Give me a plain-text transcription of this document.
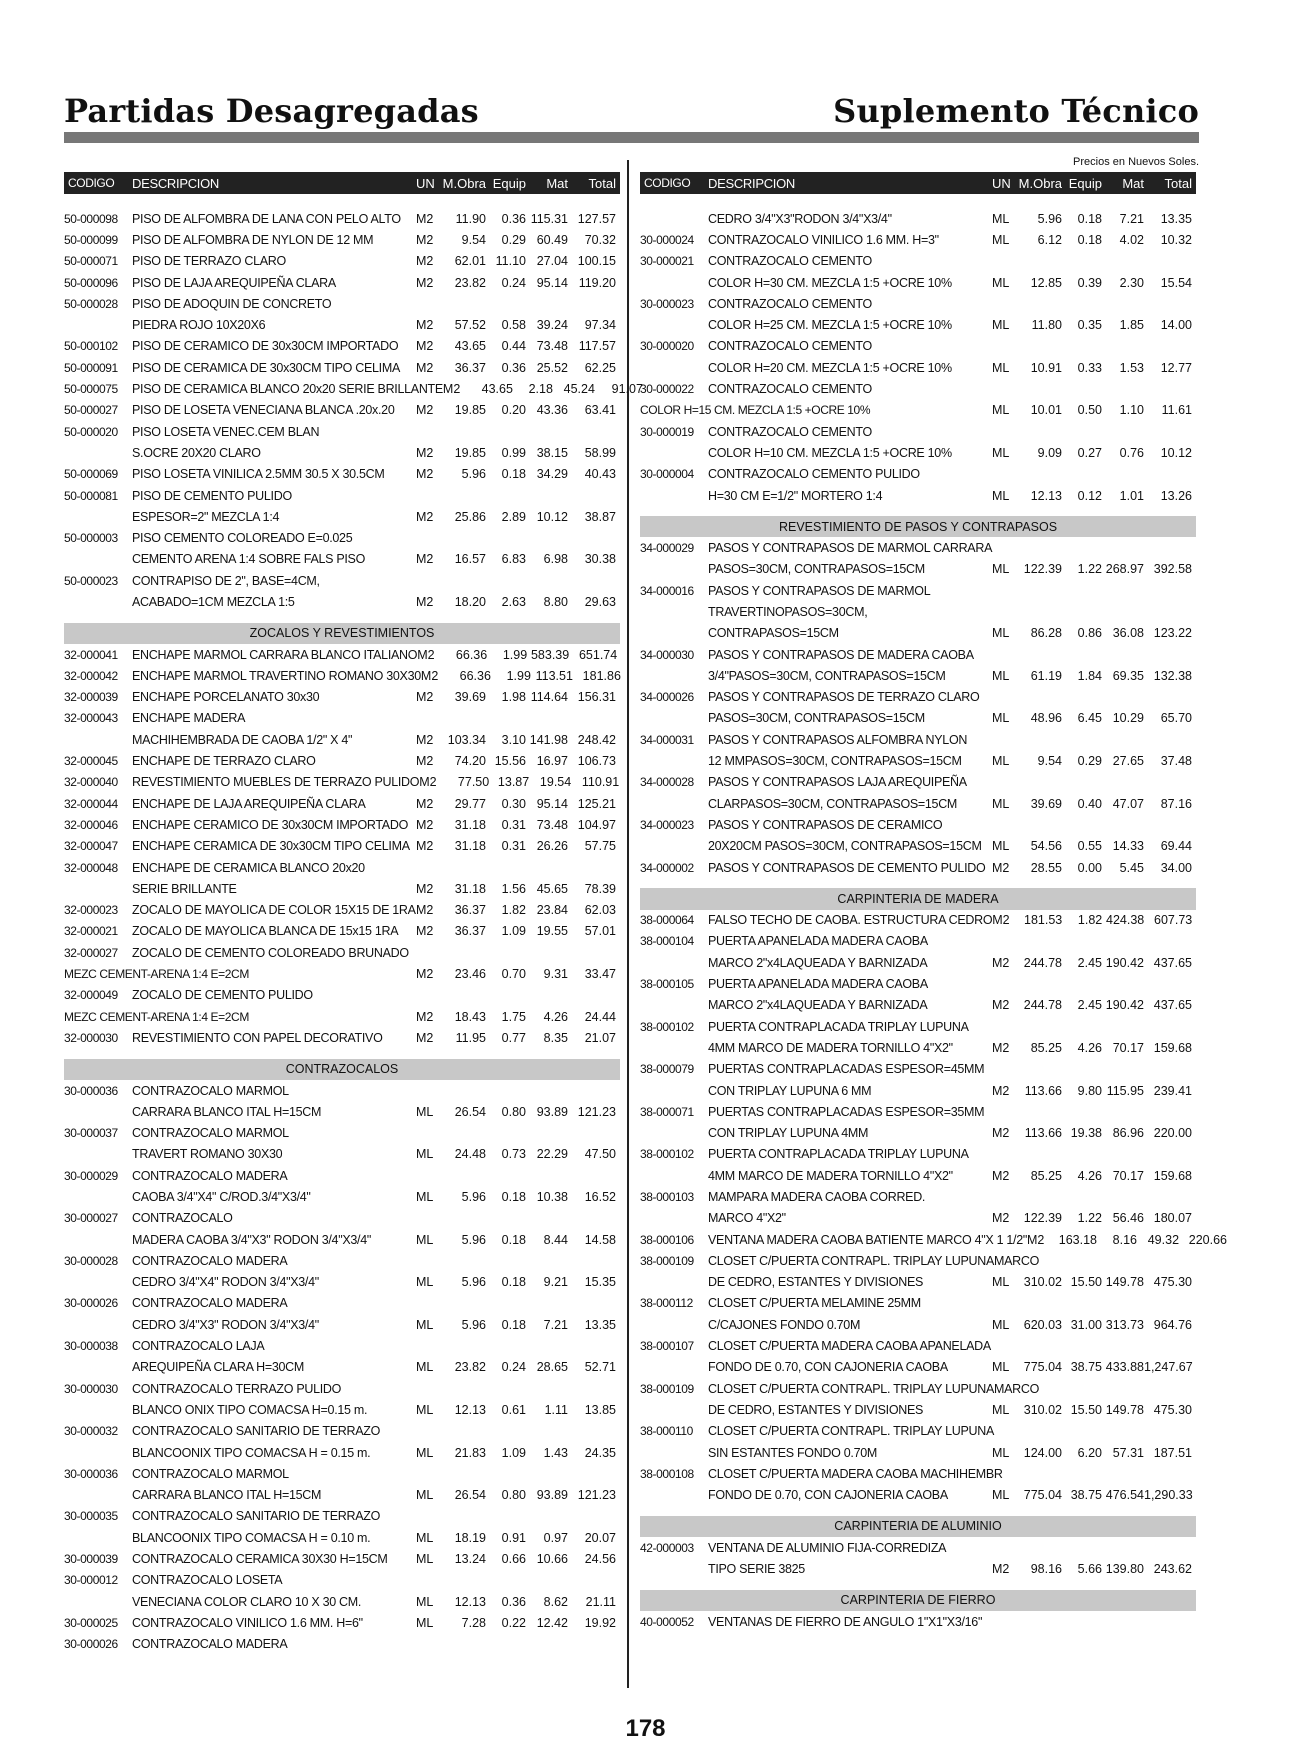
Partidas Desagregadas	Suplemento Técnico
Precios en Nuevos Soles.
CODIGO	DESCRIPCION	UN M.Obra Equip	Mat	Total
50-000098	PISO DE ALFOMBRA DE LANA CON PELO ALTO	M2	11.90	0.36 115.31 127.57
50-000099	PISO DE ALFOMBRA DE NYLON DE 12 MM	M2	9.54	0.29 60.49	70.32
50-000071	PISO DE TERRAZO CLARO	M2	62.01 11.10 27.04 100.15
50-000096	PISO DE LAJA AREQUIPEÑA CLARA	M2	23.82	0.24 95.14 119.20
50-000028	PISO DE ADOQUIN DE CONCRETO
PIEDRA ROJO 10X20X6	M2	57.52	0.58 39.24	97.34
50-000102	PISO DE CERAMICO DE 30x30CM IMPORTADO	M2	43.65	0.44 73.48 117.57
50-000091	PISO DE CERAMICA DE 30x30CM TIPO CELIMA	M2	36.37	0.36 25.52	62.25
50-000075	PISO DE CERAMICA BLANCO 20x20 SERIE BRILLANTE M2	43.65	2.18 45.24	91.07
50-000027	PISO DE LOSETA VENECIANA BLANCA .20x.20	M2	19.85	0.20 43.36	63.41
50-000020	PISO LOSETA VENEC.CEM BLAN
S.OCRE 20X20 CLARO	M2	19.85	0.99 38.15	58.99
50-000069	PISO LOSETA VINILICA 2.5MM 30.5 X 30.5CM	M2	5.96	0.18 34.29	40.43
50-000081	PISO DE CEMENTO PULIDO
ESPESOR=2" MEZCLA 1:4	M2	25.86	2.89 10.12	38.87
50-000003	PISO CEMENTO COLOREADO E=0.025
CEMENTO ARENA 1:4 SOBRE FALS PISO	M2	16.57	6.83	6.98	30.38
50-000023	CONTRAPISO DE 2", BASE=4CM,
ACABADO=1CM MEZCLA 1:5	M2	18.20	2.63	8.80	29.63
ZOCALOS Y REVESTIMIENTOS
32-000041	ENCHAPE MARMOL CARRARA BLANCO ITALIANO M2	66.36	1.99 583.39 651.74
32-000042	ENCHAPE MARMOL TRAVERTINO ROMANO 30X30 M2	66.36	1.99 113.51 181.86
32-000039	ENCHAPE PORCELANATO 30x30	M2	39.69	1.98 114.64 156.31
32-000043	ENCHAPE MADERA
MACHIHEMBRADA DE CAOBA 1/2" X 4"	M2	103.34	3.10 141.98 248.42
32-000045	ENCHAPE DE TERRAZO CLARO	M2	74.20 15.56 16.97 106.73
32-000040	REVESTIMIENTO MUEBLES DE TERRAZO PULIDO M2	77.50 13.87 19.54 110.91
32-000044	ENCHAPE DE LAJA AREQUIPEÑA CLARA	M2	29.77	0.30 95.14 125.21
32-000046	ENCHAPE CERAMICO DE 30x30CM IMPORTADO M2	31.18	0.31 73.48 104.97
32-000047	ENCHAPE CERAMICA DE 30x30CM TIPO CELIMA M2	31.18	0.31 26.26	57.75
32-000048	ENCHAPE DE CERAMICA BLANCO 20x20
SERIE BRILLANTE	M2	31.18	1.56 45.65	78.39
32-000023	ZOCALO DE MAYOLICA DE COLOR 15X15 DE 1RA M2	36.37	1.82 23.84	62.03
32-000021	ZOCALO DE MAYOLICA BLANCA DE 15x15 1RA	M2	36.37	1.09 19.55	57.01
32-000027	ZOCALO DE CEMENTO COLOREADO BRUNADO
MEZC CEMENT-ARENA 1:4 E=2CM	M2	23.46	0.70	9.31	33.47
32-000049	ZOCALO DE CEMENTO PULIDO
MEZC CEMENT-ARENA 1:4 E=2CM	M2	18.43	1.75	4.26	24.44
32-000030	REVESTIMIENTO CON PAPEL DECORATIVO	M2	11.95	0.77	8.35	21.07
CONTRAZOCALOS
30-000036	CONTRAZOCALO MARMOL
CARRARA BLANCO ITAL H=15CM	ML	26.54	0.80 93.89 121.23
30-000037	CONTRAZOCALO MARMOL
TRAVERT ROMANO 30X30	ML	24.48	0.73 22.29	47.50
30-000029	CONTRAZOCALO MADERA
CAOBA 3/4"X4" C/ROD.3/4"X3/4"	ML	5.96	0.18 10.38	16.52
30-000027	CONTRAZOCALO
MADERA CAOBA 3/4"X3" RODON 3/4"X3/4"	ML	5.96	0.18	8.44	14.58
30-000028	CONTRAZOCALO MADERA
CEDRO 3/4"X4" RODON 3/4"X3/4"	ML	5.96	0.18	9.21	15.35
30-000026	CONTRAZOCALO MADERA
CEDRO 3/4"X3" RODON 3/4"X3/4"	ML	5.96	0.18	7.21	13.35
30-000038	CONTRAZOCALO LAJA
AREQUIPEÑA CLARA H=30CM	ML	23.82	0.24 28.65	52.71
30-000030	CONTRAZOCALO TERRAZO PULIDO
BLANCO ONIX TIPO COMACSA H=0.15 m.	ML	12.13	0.61	1.11	13.85
30-000032	CONTRAZOCALO SANITARIO DE TERRAZO
BLANCOONIX TIPO COMACSA H = 0.15 m.	ML	21.83	1.09	1.43	24.35
30-000036	CONTRAZOCALO MARMOL
CARRARA BLANCO ITAL H=15CM	ML	26.54	0.80 93.89 121.23
30-000035	CONTRAZOCALO SANITARIO DE TERRAZO
BLANCOONIX TIPO COMACSA H = 0.10 m.	ML	18.19	0.91	0.97	20.07
30-000039	CONTRAZOCALO CERAMICA 30X30 H=15CM	ML	13.24	0.66 10.66	24.56
30-000012	CONTRAZOCALO LOSETA
VENECIANA COLOR CLARO 10 X 30 CM.	ML	12.13	0.36	8.62	21.11
30-000025	CONTRAZOCALO VINILICO 1.6 MM. H=6"	ML	7.28	0.22 12.42	19.92
30-000026	CONTRAZOCALO MADERA
CODIGO	DESCRIPCION	UN M.Obra Equip	Mat	Total
CEDRO 3/4"X3"RODON 3/4"X3/4"	ML	5.96	0.18	7.21	13.35
30-000024	CONTRAZOCALO VINILICO 1.6 MM. H=3"	ML	6.12	0.18	4.02	10.32
30-000021	CONTRAZOCALO CEMENTO
COLOR H=30 CM. MEZCLA 1:5 +OCRE 10%	ML	12.85	0.39	2.30	15.54
30-000023	CONTRAZOCALO CEMENTO
COLOR H=25 CM. MEZCLA 1:5 +OCRE 10%	ML	11.80	0.35	1.85	14.00
30-000020	CONTRAZOCALO CEMENTO
COLOR H=20 CM. MEZCLA 1:5 +OCRE 10%	ML	10.91	0.33	1.53	12.77
30-000022	CONTRAZOCALO CEMENTO
COLOR H=15 CM. MEZCLA 1:5 +OCRE 10%	ML	10.01	0.50	1.10	11.61
30-000019	CONTRAZOCALO CEMENTO
COLOR H=10 CM. MEZCLA 1:5 +OCRE 10%	ML	9.09	0.27	0.76	10.12
30-000004	CONTRAZOCALO CEMENTO PULIDO
H=30 CM E=1/2" MORTERO 1:4	ML	12.13	0.12	1.01	13.26
REVESTIMIENTO DE PASOS Y CONTRAPASOS
34-000029	PASOS Y CONTRAPASOS DE MARMOL CARRARA
PASOS=30CM, CONTRAPASOS=15CM	ML	122.39	1.22 268.97 392.58
34-000016	PASOS Y CONTRAPASOS DE MARMOL
TRAVERTINOPASOS=30CM,
CONTRAPASOS=15CM	ML	86.28	0.86 36.08 123.22
34-000030	PASOS Y CONTRAPASOS DE MADERA CAOBA
3/4"PASOS=30CM, CONTRAPASOS=15CM	ML	61.19	1.84 69.35 132.38
34-000026	PASOS Y CONTRAPASOS DE TERRAZO CLARO
PASOS=30CM, CONTRAPASOS=15CM	ML	48.96	6.45 10.29	65.70
34-000031	PASOS Y CONTRAPASOS ALFOMBRA NYLON
12 MMPASOS=30CM, CONTRAPASOS=15CM	ML	9.54	0.29 27.65	37.48
34-000028	PASOS Y CONTRAPASOS LAJA AREQUIPEÑA
CLARPASOS=30CM, CONTRAPASOS=15CM	ML	39.69	0.40 47.07	87.16
34-000023	PASOS Y CONTRAPASOS DE CERAMICO
20X20CM PASOS=30CM, CONTRAPASOS=15CM ML	54.56	0.55 14.33	69.44
34-000002	PASOS Y CONTRAPASOS DE CEMENTO PULIDO M2	28.55	0.00	5.45	34.00
CARPINTERIA DE MADERA
38-000064	FALSO TECHO DE CAOBA. ESTRUCTURA CEDRO M2	181.53	1.82 424.38 607.73
38-000104	PUERTA APANELADA MADERA CAOBA
MARCO 2"x4LAQUEADA Y BARNIZADA	M2	244.78	2.45 190.42 437.65
38-000105	PUERTA APANELADA MADERA CAOBA
MARCO 2"x4LAQUEADA Y BARNIZADA	M2	244.78	2.45 190.42 437.65
38-000102	PUERTA CONTRAPLACADA TRIPLAY LUPUNA
4MM MARCO DE MADERA TORNILLO 4"X2"	M2	85.25	4.26 70.17 159.68
38-000079	PUERTAS CONTRAPLACADAS ESPESOR=45MM
CON TRIPLAY LUPUNA 6 MM	M2	113.66	9.80 115.95 239.41
38-000071	PUERTAS CONTRAPLACADAS ESPESOR=35MM
CON TRIPLAY LUPUNA 4MM	M2	113.66 19.38 86.96 220.00
38-000102	PUERTA CONTRAPLACADA TRIPLAY LUPUNA
4MM MARCO DE MADERA TORNILLO 4"X2"	M2	85.25	4.26 70.17 159.68
38-000103	MAMPARA MADERA CAOBA CORRED.
MARCO 4"X2"	M2	122.39	1.22 56.46 180.07
38-000106	VENTANA MADERA CAOBA BATIENTE MARCO 4"X 1 1/2" M2	163.18	8.16 49.32 220.66
38-000109	CLOSET C/PUERTA CONTRAPL. TRIPLAY LUPUNAMARCO
DE CEDRO, ESTANTES Y DIVISIONES	ML	310.02 15.50 149.78 475.30
38-000112	CLOSET C/PUERTA MELAMINE 25MM
C/CAJONES FONDO 0.70M	ML	620.03 31.00 313.73 964.76
38-000107	CLOSET C/PUERTA MADERA CAOBA APANELADA
FONDO DE 0.70, CON CAJONERIA CAOBA	ML	775.04 38.75 433.88 1,247.67
38-000109	CLOSET C/PUERTA CONTRAPL. TRIPLAY LUPUNAMARCO
DE CEDRO, ESTANTES Y DIVISIONES	ML	310.02 15.50 149.78 475.30
38-000110	CLOSET C/PUERTA CONTRAPL. TRIPLAY LUPUNA
SIN ESTANTES FONDO 0.70M	ML	124.00	6.20 57.31 187.51
38-000108	CLOSET C/PUERTA MADERA CAOBA MACHIHEMBR
FONDO DE 0.70, CON CAJONERIA CAOBA	ML	775.04 38.75 476.54 1,290.33
CARPINTERIA DE ALUMINIO
42-000003	VENTANA DE ALUMINIO FIJA-CORREDIZA
TIPO SERIE 3825	M2	98.16	5.66 139.80 243.62
CARPINTERIA DE FIERRO
40-000052	VENTANAS DE FIERRO DE ANGULO 1"X1"X3/16"
178
